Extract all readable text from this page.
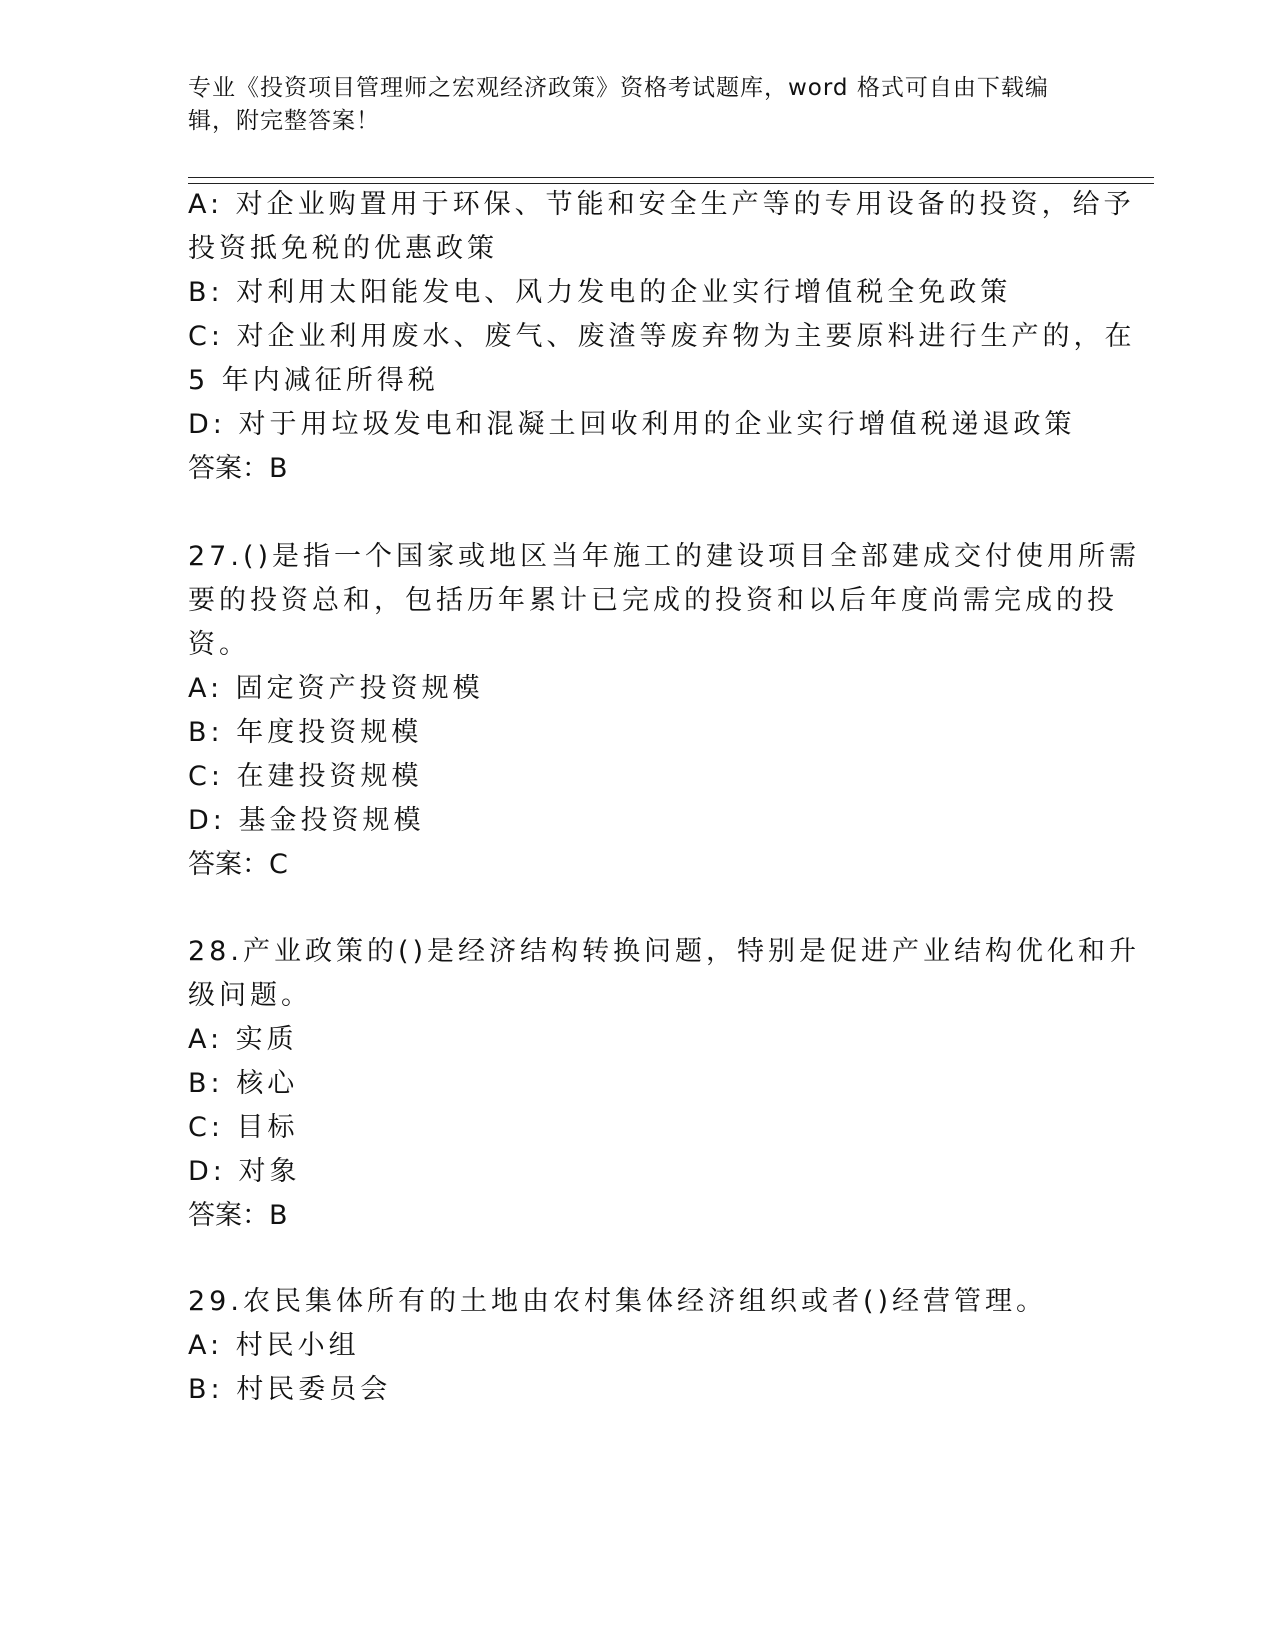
专业《投资项目管理师之宏观经济政策》资格考试题库，word 格式可自由下载编
辑，附完整答案！
A: 对企业购置用于环保、节能和安全生产等的专用设备的投资，给予
投资抵免税的优惠政策
B: 对利用太阳能发电、风力发电的企业实行增值税全免政策
C: 对企业利用废水、废气、废渣等废弃物为主要原料进行生产的，在
5 年内减征所得税
D: 对于用垃圾发电和混凝土回收利用的企业实行增值税递退政策
答案：B
27.()是指一个国家或地区当年施工的建设项目全部建成交付使用所需
要的投资总和，包括历年累计已完成的投资和以后年度尚需完成的投
资。
A: 固定资产投资规模
B: 年度投资规模
C: 在建投资规模
D: 基金投资规模
答案：C
28.产业政策的()是经济结构转换问题，特别是促进产业结构优化和升
级问题。
A: 实质
B: 核心
C: 目标
D: 对象
答案：B
29.农民集体所有的土地由农村集体经济组织或者()经营管理。
A: 村民小组
B: 村民委员会
